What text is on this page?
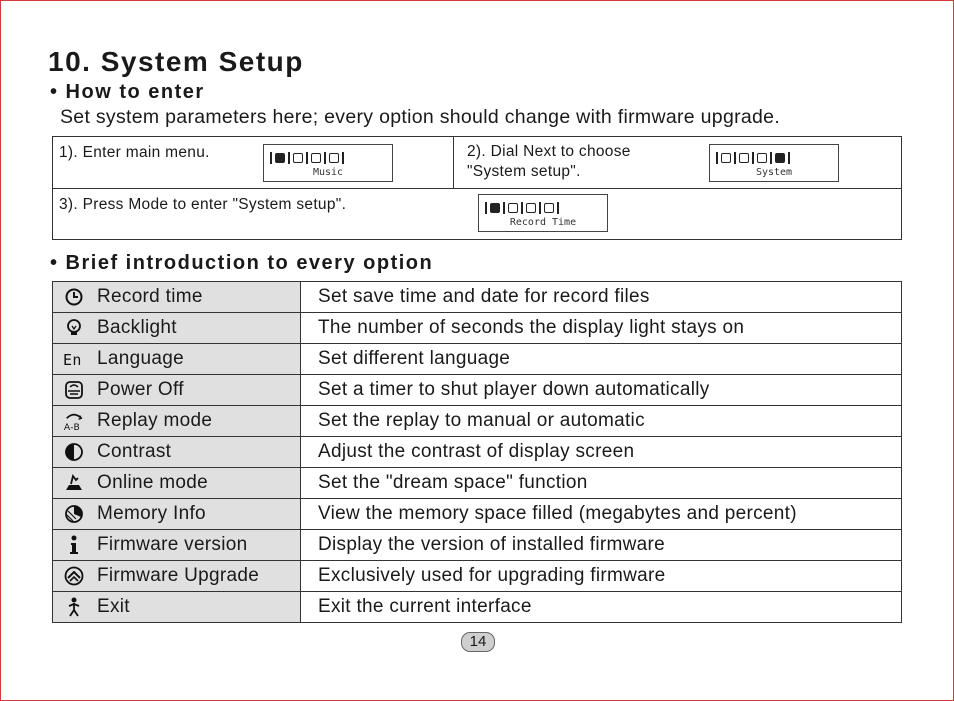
10. System Setup
• How to enter
Set system parameters here; every option should change with firmware upgrade.
1). Enter main menu.
Music
2). Dial Next to choose
"System setup".	System
3). Press Mode to enter "System setup".
Record Time
• Brief introduction to every option
Record time	Set save time and date for record files

Backlight	The number of seconds the display light stays on

En Language	Set different language

Power Off	Set a timer to shut player down automatically

A-B Replay mode	Set the replay to manual or automatic

Contrast	Adjust the contrast of display screen

Online mode	Set the "dream space" function

Memory Info	View the memory space filled (megabytes and percent)

Firmware version	Display the version of installed firmware

Firmware Upgrade	Exclusively used for upgrading firmware

Exit	Exit the current interface
14
